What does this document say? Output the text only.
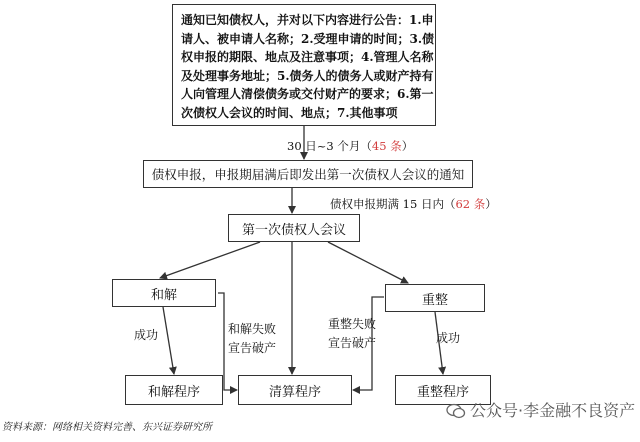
通知已知债权人，并对以下内容进行公告：1.申
请人、被申请人名称；2.受理申请的时间；3.债
权申报的期限、地点及注意事项；4.管理人名称
及处理事务地址；5.债务人的债务人或财产持有
人向管理人清偿债务或交付财产的要求；6.第一
次债权人会议的时间、地点；7.其他事项
30 日~3 个月（45 条）
债权申报，申报期届满后即发出第一次债权人会议的通知
债权申报期满 15 日内（62 条）
第一次债权人会议
和解	重整
成功	和解失败
宣告破产
重整失败
宣告破产	成功
和解程序	清算程序	重整程序
资料来源：网络相关资料完善、东兴证券研究所
公众号·李金融不良资产
